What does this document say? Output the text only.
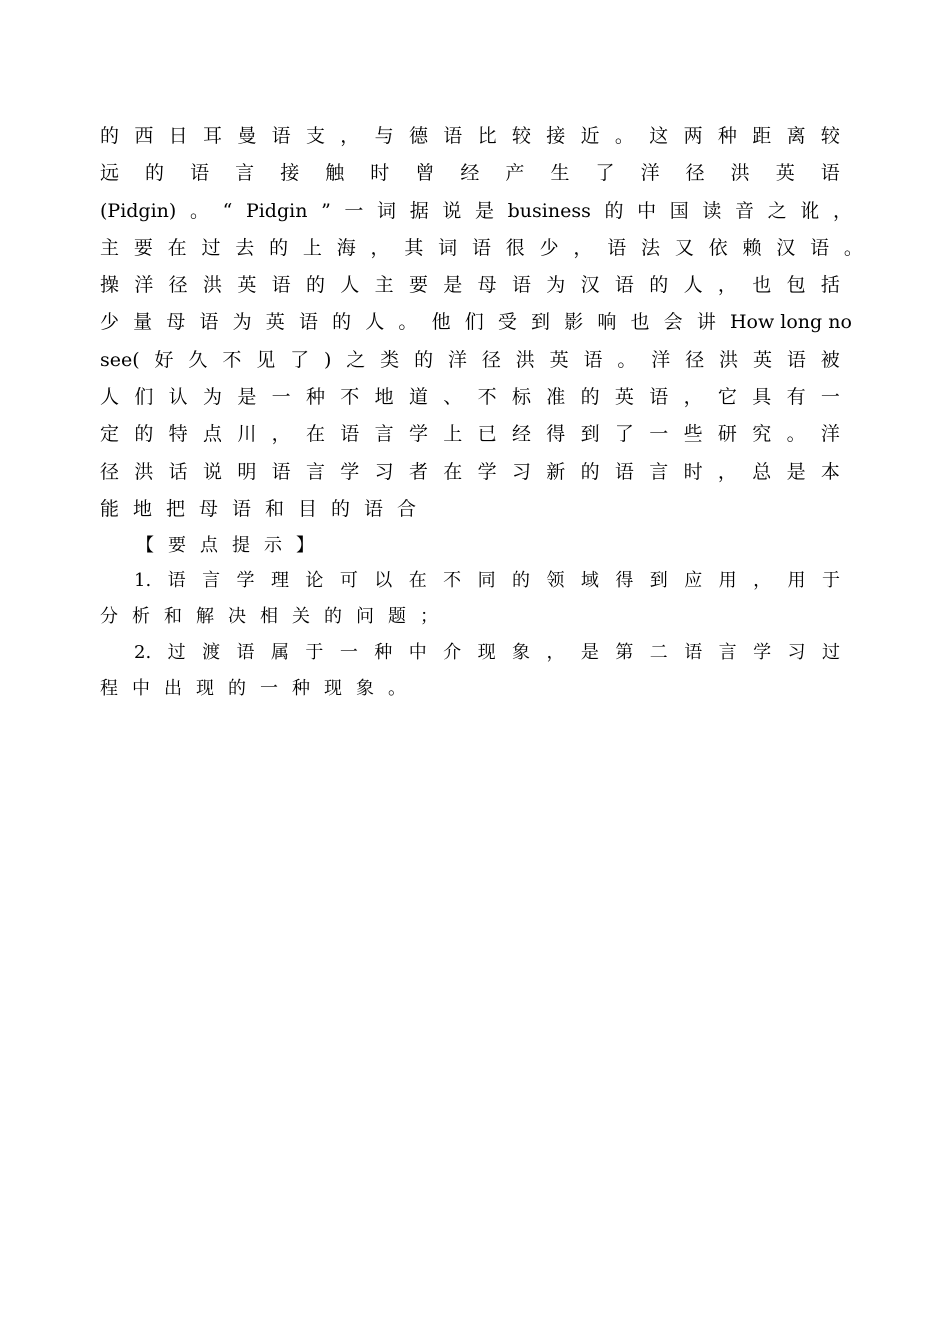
的 西 日 耳 曼 语 支 ， 与 德 语 比 较 接 近 。 这 两 种 距 离 较
远 的 语 言 接 触 时 曾 经 产 生 了 洋 径 洪 英 语
(Pidgin) 。 “ Pidgin ” 一 词 据 说 是 business 的 中 国 读 音 之 讹 ，
主 要 在 过 去 的 上 海 ， 其 词 语 很 少 ， 语 法 又 依 赖 汉 语 。
操 洋 径 洪 英 语 的 人 主 要 是 母 语 为 汉 语 的 人 ， 也 包 括
少 量 母 语 为 英 语 的 人 。 他 们 受 到 影 响 也 会 讲 How long no
see( 好 久 不 见 了 ) 之 类 的 洋 径 洪 英 语 。 洋 径 洪 英 语 被
人 们 认 为 是 一 种 不 地 道 、 不 标 准 的 英 语 ， 它 具 有 一
定 的 特 点 川 ， 在 语 言 学 上 已 经 得 到 了 一 些 研 究 。 洋
径 洪 话 说 明 语 言 学 习 者 在 学 习 新 的 语 言 时 ， 总 是 本
能地把母语和目的语合
【要点提示】
1. 语 言 学 理 论 可 以 在 不 同 的 领 域 得 到 应 用 ， 用 于
分析和解决相关的问题；
2. 过 渡 语 属 于 一 种 中 介 现 象 ， 是 第 二 语 言 学 习 过
程中出现的一种现象。
